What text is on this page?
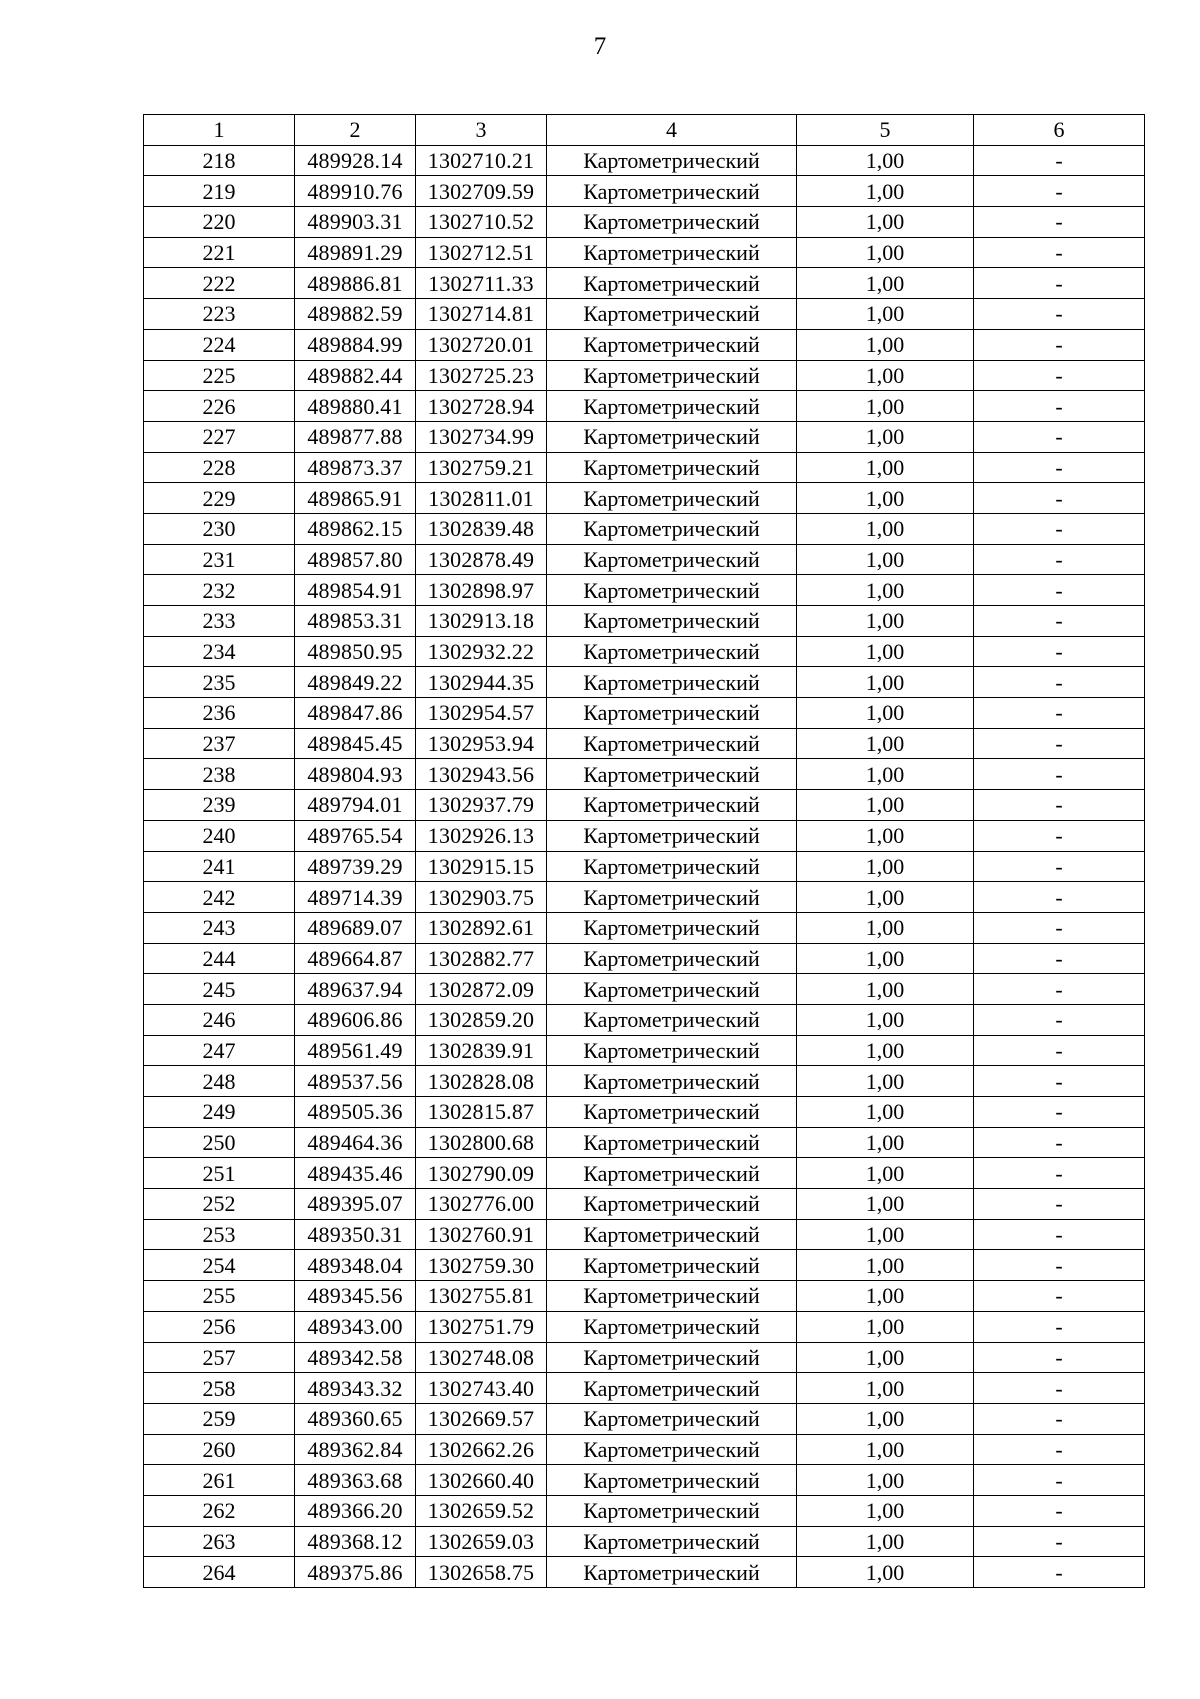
7
1	2	3	4	5	6
218	489928.14	1302710.21	Картометрический	1,00	-
219	489910.76	1302709.59	Картометрический	1,00	-
220	489903.31	1302710.52	Картометрический	1,00	-
221	489891.29	1302712.51	Картометрический	1,00	-
222	489886.81	1302711.33	Картометрический	1,00	-
223	489882.59	1302714.81	Картометрический	1,00	-
224	489884.99	1302720.01	Картометрический	1,00	-
225	489882.44	1302725.23	Картометрический	1,00	-
226	489880.41	1302728.94	Картометрический	1,00	-
227	489877.88	1302734.99	Картометрический	1,00	-
228	489873.37	1302759.21	Картометрический	1,00	-
229	489865.91	1302811.01	Картометрический	1,00	-
230	489862.15	1302839.48	Картометрический	1,00	-
231	489857.80	1302878.49	Картометрический	1,00	-
232	489854.91	1302898.97	Картометрический	1,00	-
233	489853.31	1302913.18	Картометрический	1,00	-
234	489850.95	1302932.22	Картометрический	1,00	-
235	489849.22	1302944.35	Картометрический	1,00	-
236	489847.86	1302954.57	Картометрический	1,00	-
237	489845.45	1302953.94	Картометрический	1,00	-
238	489804.93	1302943.56	Картометрический	1,00	-
239	489794.01	1302937.79	Картометрический	1,00	-
240	489765.54	1302926.13	Картометрический	1,00	-
241	489739.29	1302915.15	Картометрический	1,00	-
242	489714.39	1302903.75	Картометрический	1,00	-
243	489689.07	1302892.61	Картометрический	1,00	-
244	489664.87	1302882.77	Картометрический	1,00	-
245	489637.94	1302872.09	Картометрический	1,00	-
246	489606.86	1302859.20	Картометрический	1,00	-
247	489561.49	1302839.91	Картометрический	1,00	-
248	489537.56	1302828.08	Картометрический	1,00	-
249	489505.36	1302815.87	Картометрический	1,00	-
250	489464.36	1302800.68	Картометрический	1,00	-
251	489435.46	1302790.09	Картометрический	1,00	-
252	489395.07	1302776.00	Картометрический	1,00	-
253	489350.31	1302760.91	Картометрический	1,00	-
254	489348.04	1302759.30	Картометрический	1,00	-
255	489345.56	1302755.81	Картометрический	1,00	-
256	489343.00	1302751.79	Картометрический	1,00	-
257	489342.58	1302748.08	Картометрический	1,00	-
258	489343.32	1302743.40	Картометрический	1,00	-
259	489360.65	1302669.57	Картометрический	1,00	-
260	489362.84	1302662.26	Картометрический	1,00	-
261	489363.68	1302660.40	Картометрический	1,00	-
262	489366.20	1302659.52	Картометрический	1,00	-
263	489368.12	1302659.03	Картометрический	1,00	-
264	489375.86	1302658.75	Картометрический	1,00	-
